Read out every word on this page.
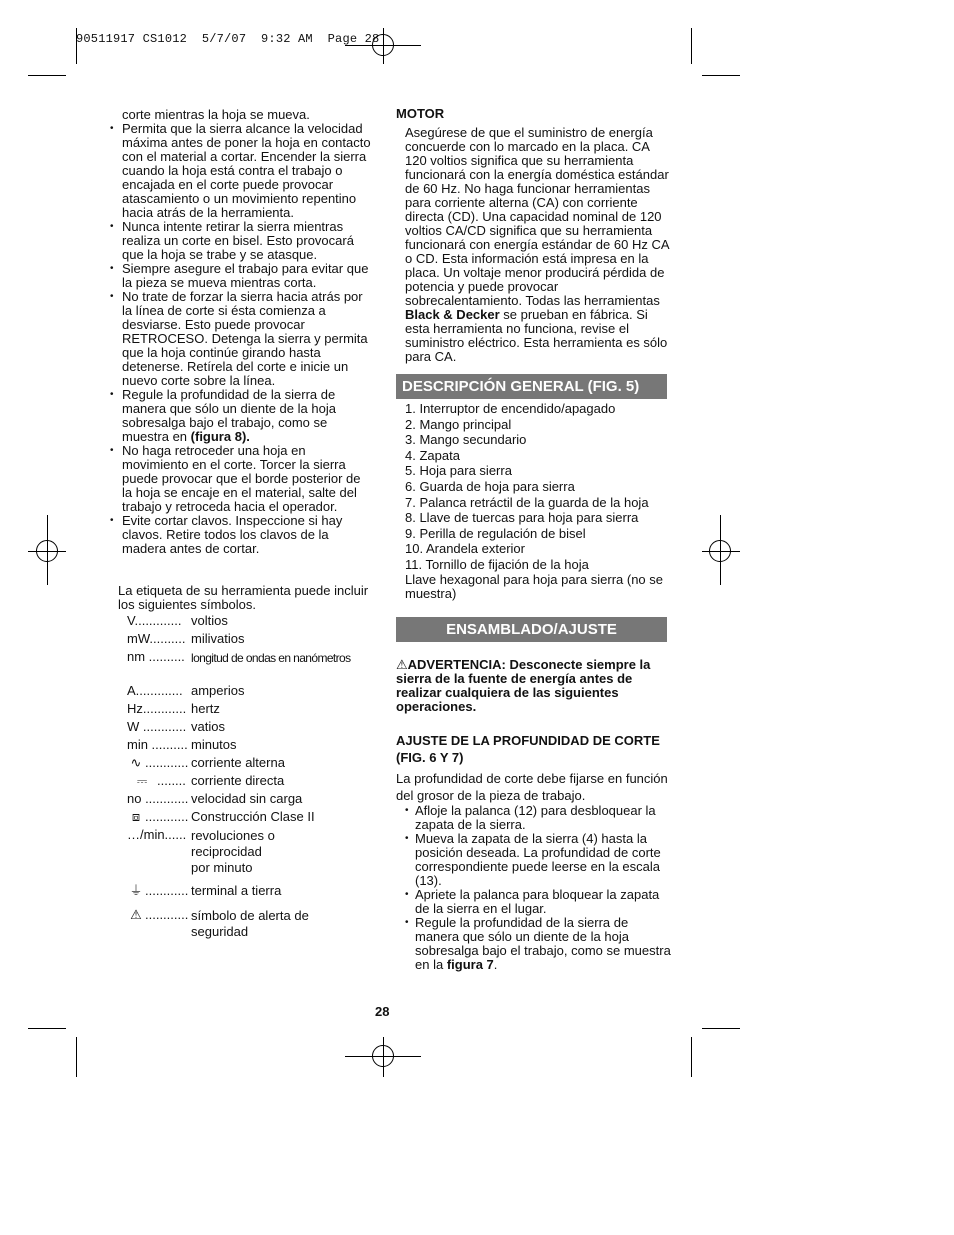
90511917 CS1012  5/7/07  9:32 AM  Page 28
corte mientras la hoja se mueva.
• Permita que la sierra alcance la velocidad máxima antes de poner la hoja en contacto con el material a cortar. Encender la sierra cuando la hoja está contra el trabajo o encajada en el corte puede provocar atascamiento o un movimiento repentino hacia atrás de la herramienta.
• Nunca intente retirar la sierra mientras realiza un corte en bisel. Esto provocará que la hoja se trabe y se atasque.
• Siempre asegure el trabajo para evitar que la pieza se mueva mientras corta.
• No trate de forzar la sierra hacia atrás por la línea de corte si ésta comienza a desviarse. Esto puede provocar RETROCESO. Detenga la sierra y permita que la hoja continúe girando hasta detenerse. Retírela del corte e inicie un nuevo corte sobre la línea.
• Regule la profundidad de la sierra de manera que sólo un diente de la hoja sobresalga bajo el trabajo, como se muestra en (figura 8).
• No haga retroceder una hoja en movimiento en el corte. Torcer la sierra puede provocar que el borde posterior de la hoja se encaje en el material, salte del trabajo y retroceda hacia el operador.
• Evite cortar clavos. Inspeccione si hay clavos. Retire todos los clavos de la madera antes de cortar.
La etiqueta de su herramienta puede incluir los siguientes símbolos.
V............. voltios
mW.......... milivatios
nm .......... longitud de ondas en nanómetros
A............. amperios
Hz............ hertz
W ............ vatios
min .......... minutos
∿ ............ corriente alterna
⎓ ........ corriente directa
no ............ velocidad sin carga
⧈ ............ Construcción Clase II
…/min...... revoluciones o reciprocidad por minuto
⏚ ............ terminal a tierra
⚠ ............ símbolo de alerta de seguridad
MOTOR
Asegúrese de que el suministro de energía concuerde con lo marcado en la placa. CA 120 voltios significa que su herramienta funcionará con la energía doméstica estándar de 60 Hz. No haga funcionar herramientas para corriente alterna (CA) con corriente directa (CD). Una capacidad nominal de 120 voltios CA/CD significa que su herramienta funcionará con energía estándar de 60 Hz CA o CD. Esta información está impresa en la placa. Un voltaje menor producirá pérdida de potencia y puede provocar sobrecalentamiento. Todas las herramientas Black & Decker se prueban en fábrica. Si esta herramienta no funciona, revise el suministro eléctrico. Esta herramienta es sólo para CA.
DESCRIPCIÓN GENERAL (FIG. 5)
1. Interruptor de encendido/apagado
2. Mango principal
3. Mango secundario
4. Zapata
5. Hoja para sierra
6. Guarda de hoja para sierra
7. Palanca retráctil de la guarda de la hoja
8. Llave de tuercas para hoja para sierra
9. Perilla de regulación de bisel
10. Arandela exterior
11. Tornillo de fijación de la hoja
Llave hexagonal para hoja para sierra (no se muestra)
ENSAMBLADO/AJUSTE
⚠ADVERTENCIA: Desconecte siempre la sierra de la fuente de energía antes de realizar cualquiera de las siguientes operaciones.
AJUSTE DE LA PROFUNDIDAD DE CORTE (FIG. 6 Y 7)
La profundidad de corte debe fijarse en función del grosor de la pieza de trabajo.
• Afloje la palanca (12) para desbloquear la zapata de la sierra.
• Mueva la zapata de la sierra (4) hasta la posición deseada. La profundidad de corte correspondiente puede leerse en la escala (13).
• Apriete la palanca para bloquear la zapata de la sierra en el lugar.
• Regule la profundidad de la sierra de manera que sólo un diente de la hoja sobresalga bajo el trabajo, como se muestra en la figura 7.
28
